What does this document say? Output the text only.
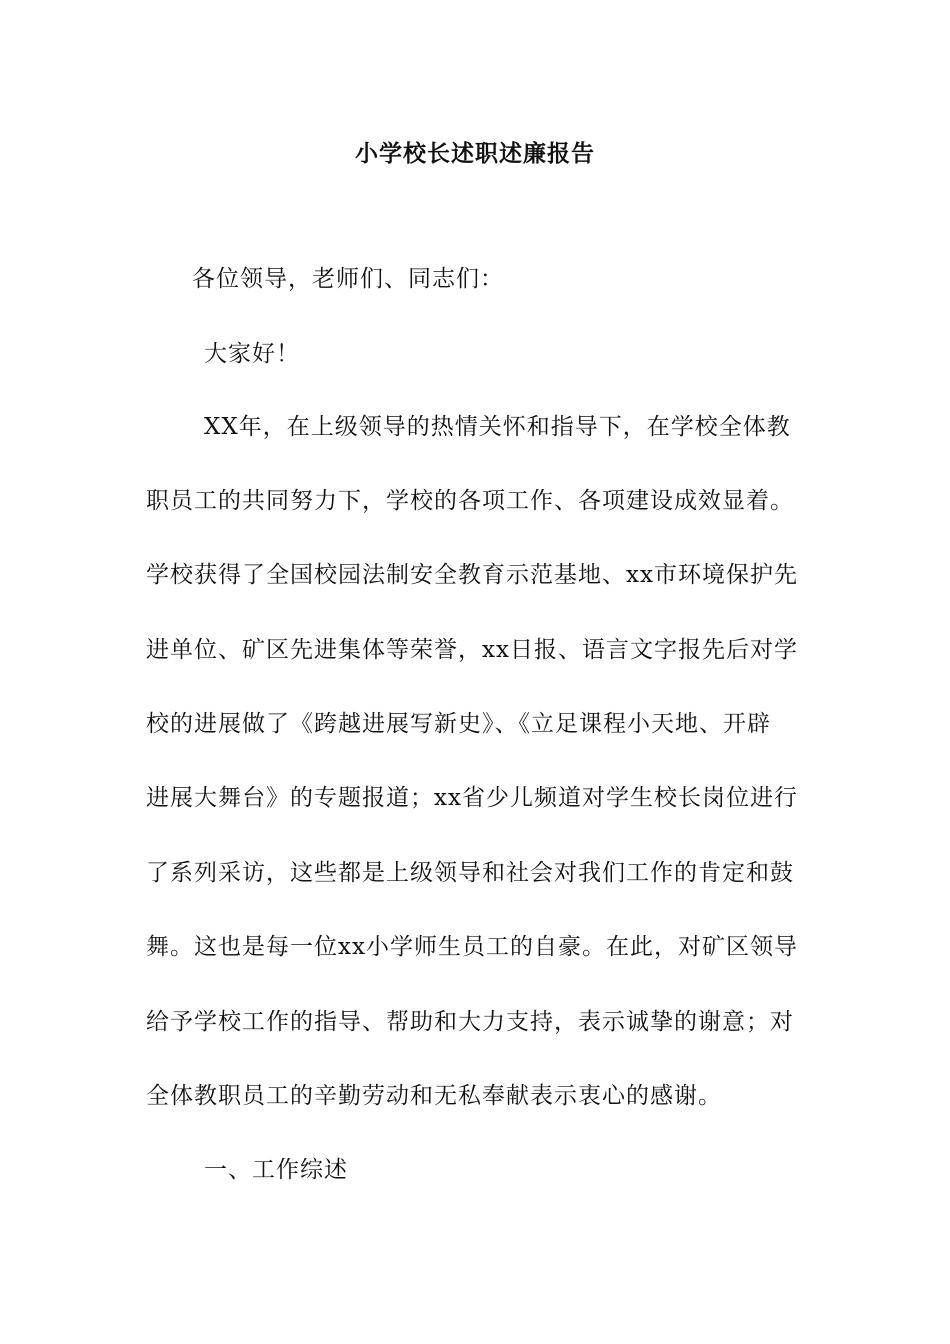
小学校长述职述廉报告
各位领导，老师们、同志们：
大家好！
XX年，在上级领导的热情关怀和指导下，在学校全体教
职员工的共同努力下，学校的各项工作、各项建设成效显着。
学校获得了全国校园法制安全教育示范基地、xx市环境保护先
进单位、矿区先进集体等荣誉，xx日报、语言文字报先后对学
校的进展做了《跨越进展写新史》、《立足课程小天地、开辟
进展大舞台》的专题报道；xx省少儿频道对学生校长岗位进行
了系列采访，这些都是上级领导和社会对我们工作的肯定和鼓
舞。这也是每一位xx小学师生员工的自豪。在此，对矿区领导
给予学校工作的指导、帮助和大力支持，表示诚挚的谢意；对
全体教职员工的辛勤劳动和无私奉献表示衷心的感谢。
一、工作综述
